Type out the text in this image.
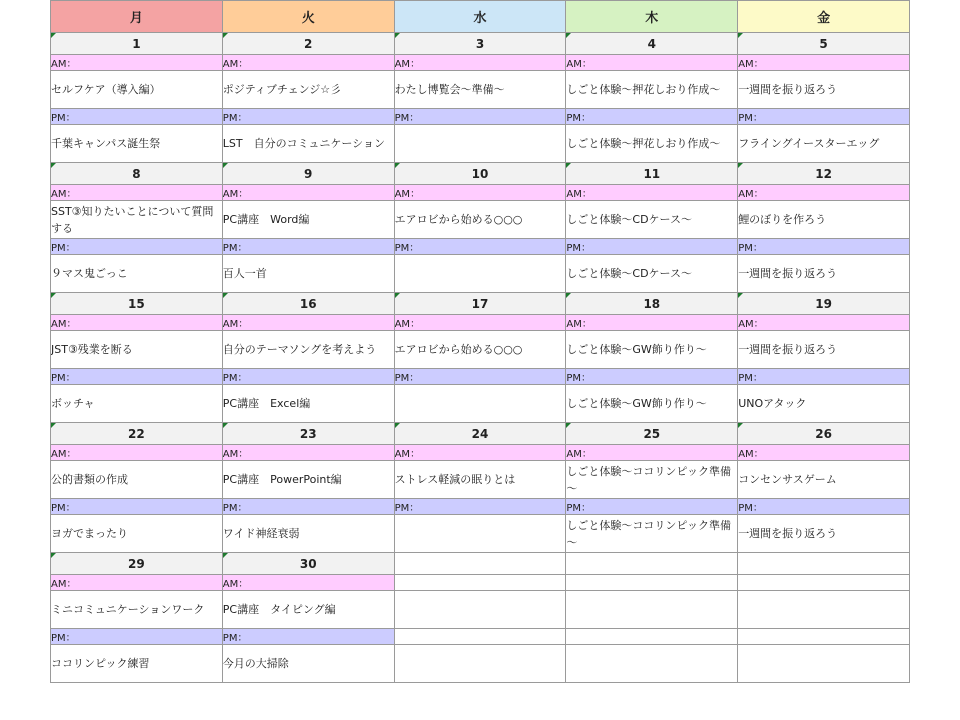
月	火	水	木	金

1	2	3	4	5
AM：	AM：	AM：	AM：	AM：
セルフケア（導入編）	ポジティブチェンジ☆彡	わたし博覧会～準備～	しごと体験～押花しおり作成～	一週間を振り返ろう
PM：	PM：	PM：	PM：	PM：
千葉キャンパス誕生祭	LST　自分のコミュニケーション		しごと体験～押花しおり作成～	フライングイースターエッグ

8	9	10	11	12
AM：	AM：	AM：	AM：	AM：
SST③知りたいことについて質問する	PC講座　Word編	エアロビから始める○○○	しごと体験～CDケース～	鯉のぼりを作ろう
PM：	PM：	PM：	PM：	PM：
９マス鬼ごっこ	百人一首		しごと体験～CDケース～	一週間を振り返ろう

15	16	17	18	19
AM：	AM：	AM：	AM：	AM：
JST③残業を断る	自分のテーマソングを考えよう	エアロビから始める○○○	しごと体験～GW飾り作り～	一週間を振り返ろう
PM：	PM：	PM：	PM：	PM：
ボッチャ	PC講座　Excel編		しごと体験～GW飾り作り～	UNOアタック

22	23	24	25	26
AM：	AM：	AM：	AM：	AM：
公的書類の作成	PC講座　PowerPoint編	ストレス軽減の眠りとは	しごと体験～ココリンピック準備～	コンセンサスゲーム
PM：	PM：	PM：	PM：	PM：
ヨガでまったり	ワイド神経衰弱		しごと体験～ココリンピック準備～	一週間を振り返ろう

29	30			
AM：	AM：			
ミニコミュニケーションワーク	PC講座　タイピング編			
PM：	PM：			
ココリンピック練習	今月の大掃除			
